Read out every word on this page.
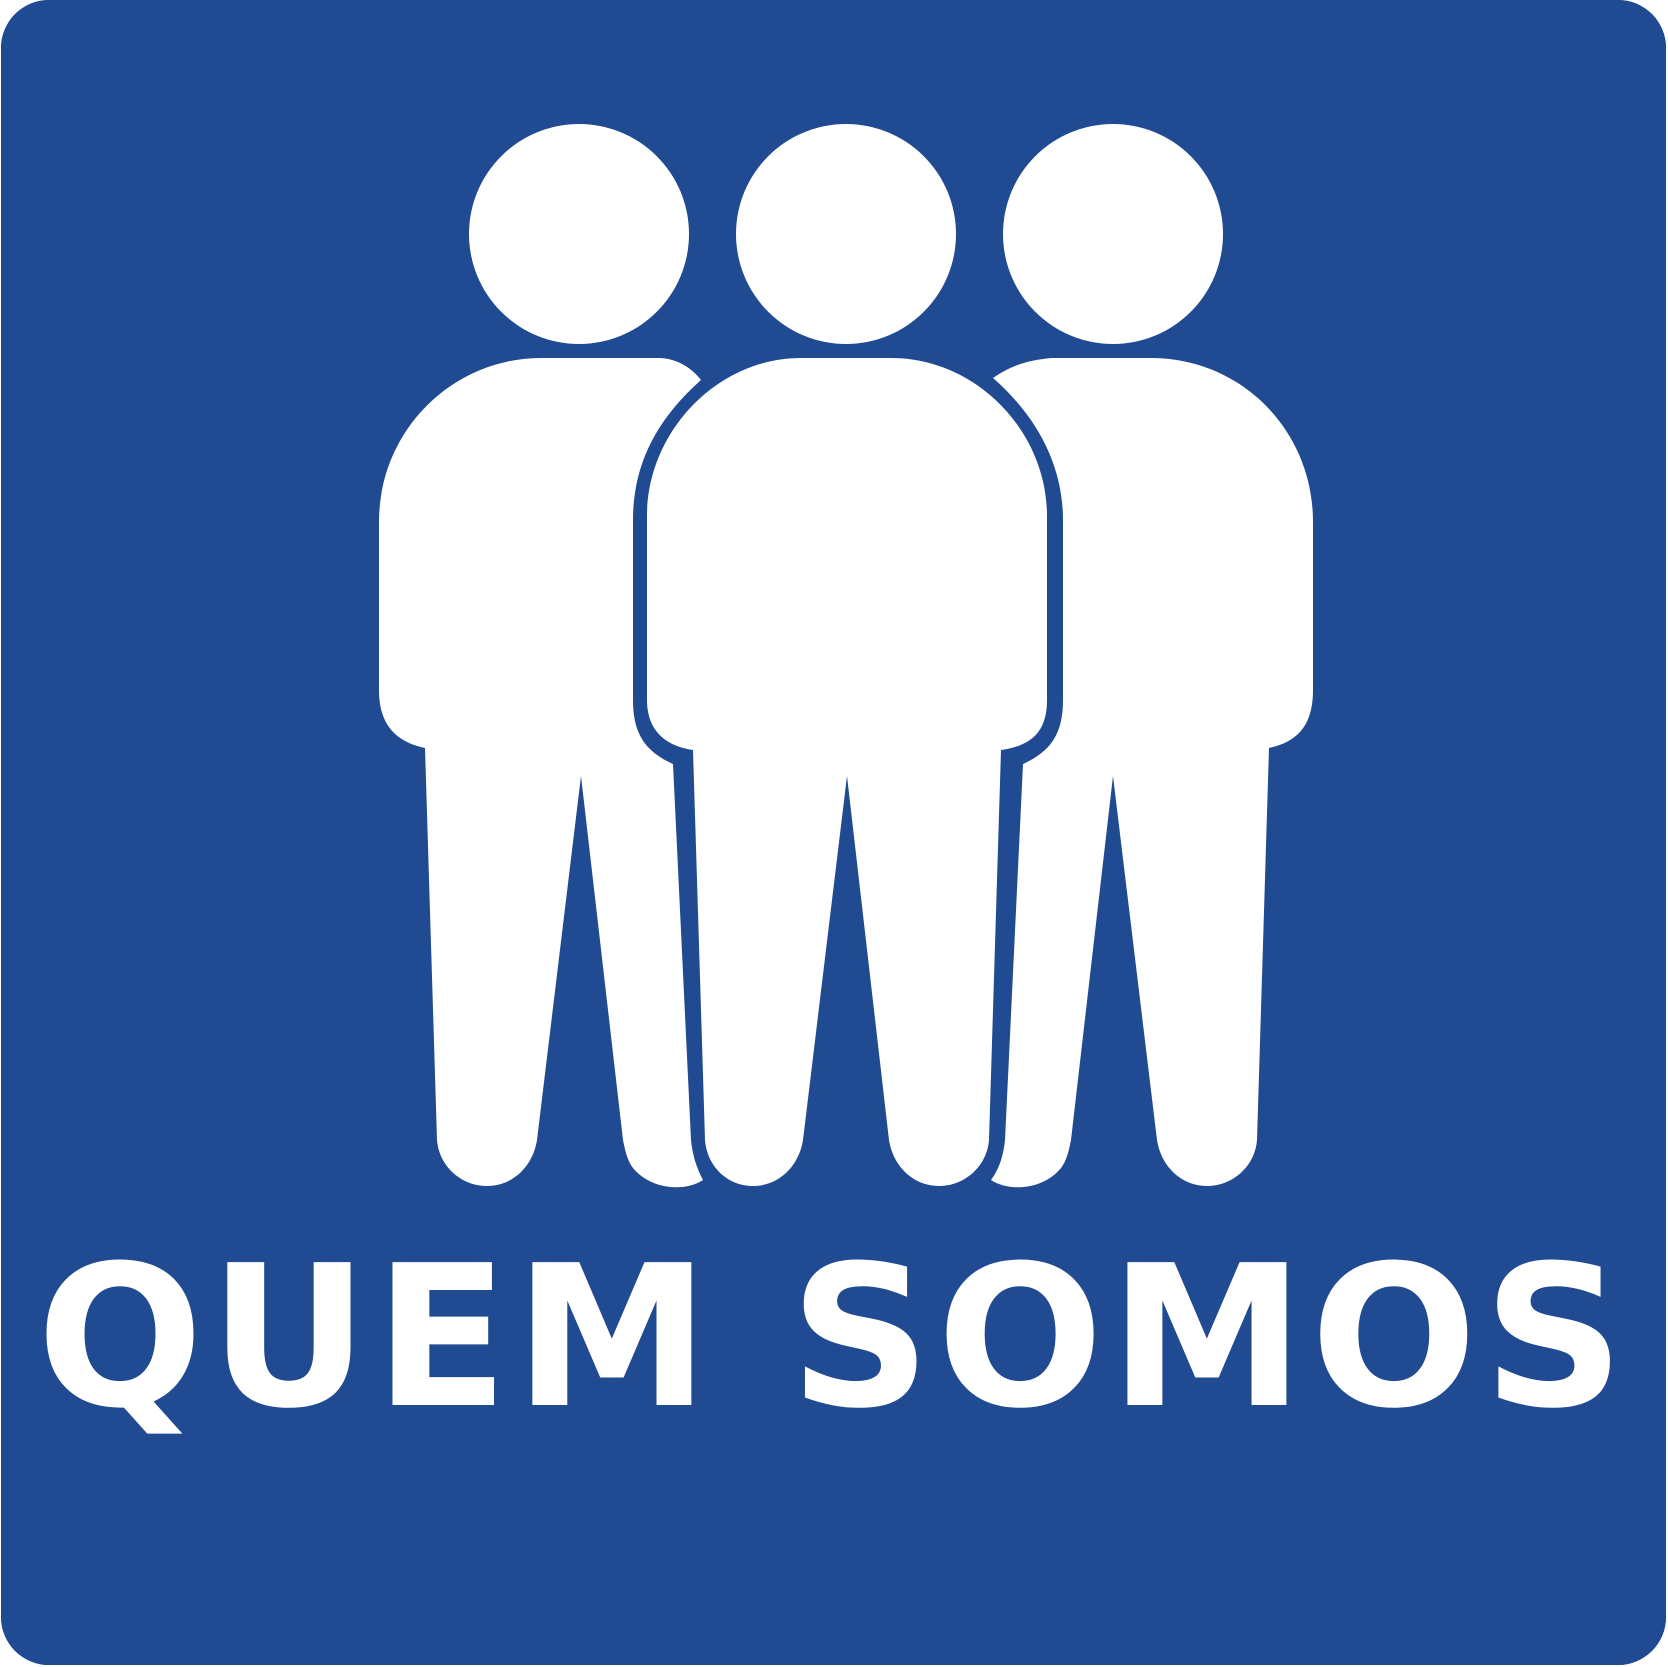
QUEM SOMOS
